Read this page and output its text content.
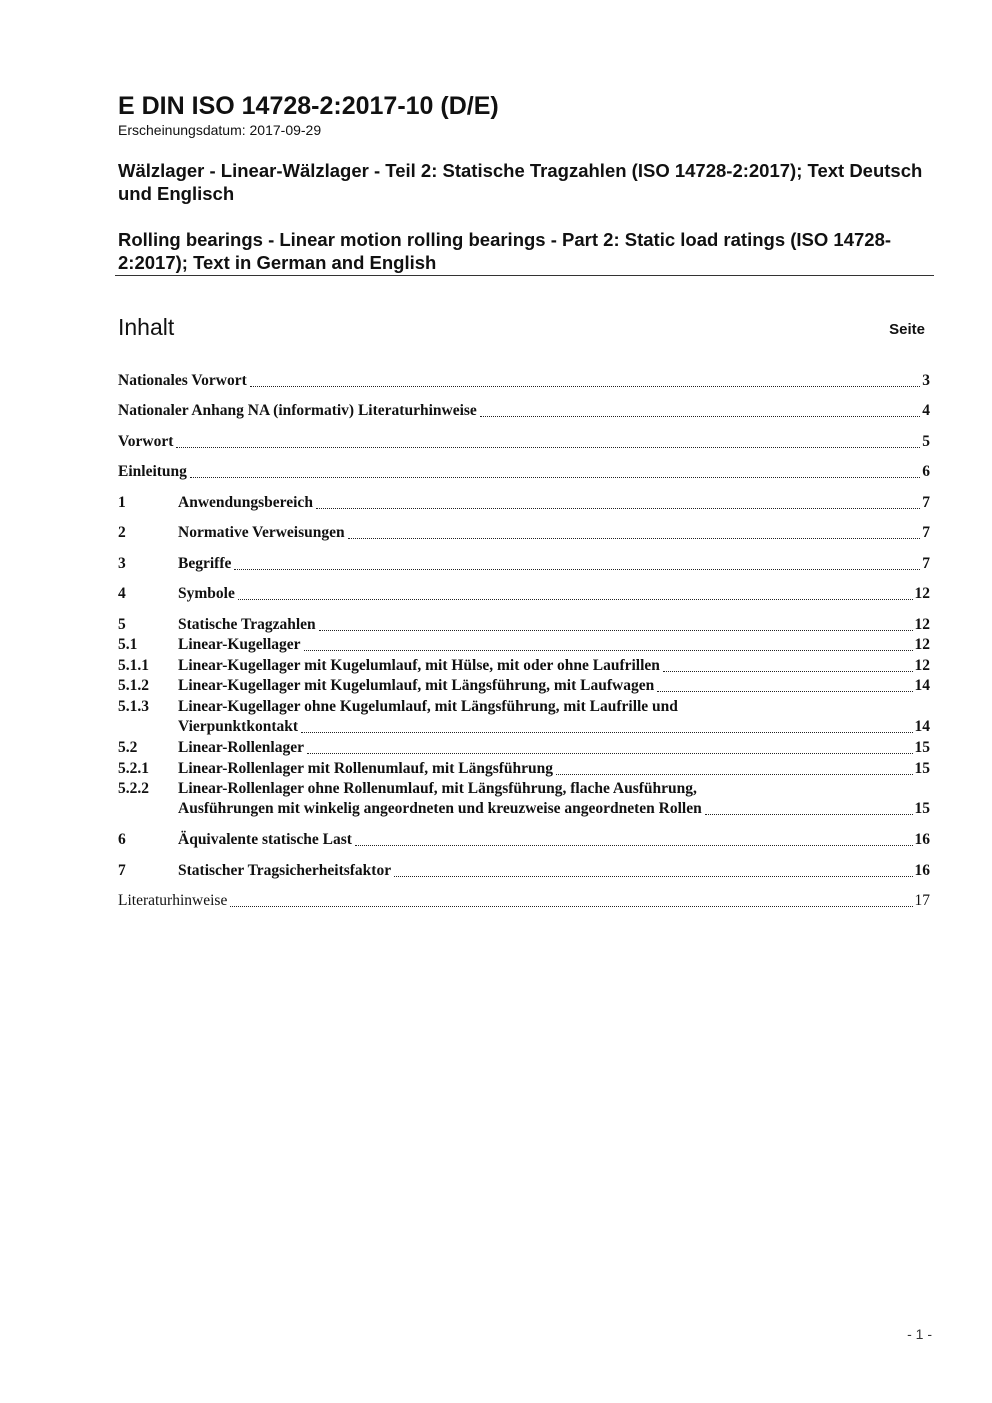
E DIN ISO 14728-2:2017-10 (D/E)
Erscheinungsdatum: 2017-09-29
Wälzlager - Linear-Wälzlager - Teil 2: Statische Tragzahlen (ISO 14728-2:2017); Text Deutsch und Englisch
Rolling bearings - Linear motion rolling bearings - Part 2: Static load ratings (ISO 14728-2:2017); Text in German and English
Inhalt	Seite
Nationales Vorwort	3
Nationaler Anhang NA (informativ) Literaturhinweise	4
Vorwort	5
Einleitung	6
1	Anwendungsbereich	7
2	Normative Verweisungen	7
3	Begriffe	7
4	Symbole	12
5	Statische Tragzahlen	12
5.1	Linear-Kugellager	12
5.1.1	Linear-Kugellager mit Kugelumlauf, mit Hülse, mit oder ohne Laufrillen	12
5.1.2	Linear-Kugellager mit Kugelumlauf, mit Längsführung, mit Laufwagen	14
5.1.3	Linear-Kugellager ohne Kugelumlauf, mit Längsführung, mit Laufrille und
Vierpunktkontakt	14
5.2	Linear-Rollenlager	15
5.2.1	Linear-Rollenlager mit Rollenumlauf, mit Längsführung	15
5.2.2	Linear-Rollenlager ohne Rollenumlauf, mit Längsführung, flache Ausführung,
Ausführungen mit winkelig angeordneten und kreuzweise angeordneten Rollen	15
6	Äquivalente statische Last	16
7	Statischer Tragsicherheitsfaktor	16
Literaturhinweise	17
- 1 -
